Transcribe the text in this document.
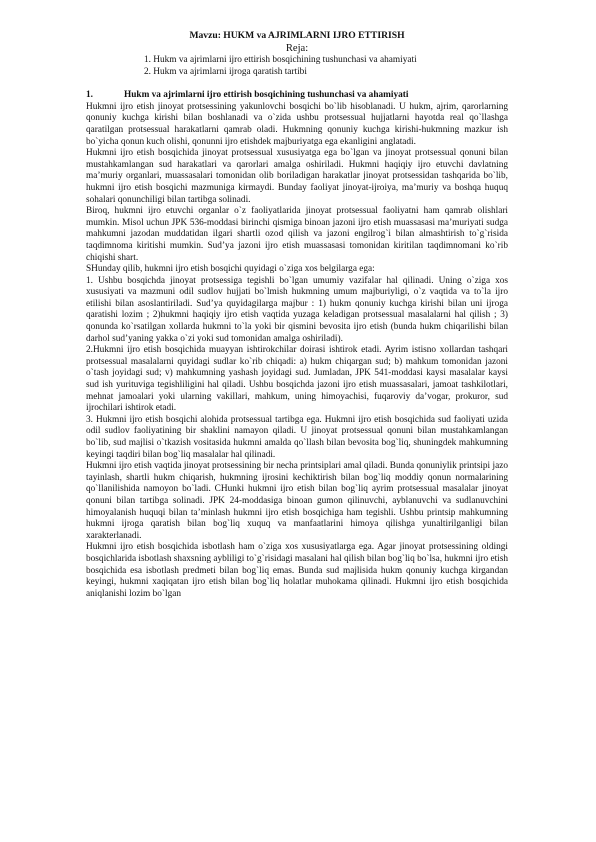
Mavzu: HUKM va AJRIMLARNI IJRO ETTIRISH
Reja:
1. Hukm va ajrimlarni ijro ettirish bosqichining tushunchasi va ahamiyati
2. Hukm va ajrimlarni ijroga qaratish tartibi
1.	Hukm va ajrimlarni ijro ettirish bosqichining tushunchasi va ahamiyati

Hukmni ijro etish jinoyat protsessining yakunlovchi bosqichi bo`lib hisoblanadi. U hukm, ajrim, qarorlarning qonuniy kuchga kirishi bilan boshlanadi va o`zida ushbu protsessual hujjatlarni hayotda real qo`llashga qaratilgan protsessual harakatlarni qamrab oladi. Hukmning qonuniy kuchga kirishi-hukmning mazkur ish bo`yicha qonun kuch olishi, qonunni ijro etishdek majburiyatga ega ekanligini anglatadi.

Hukmni ijro etish bosqichida jinoyat protsessual xususiyatga ega bo`lgan va jinoyat protsessual qonuni bilan mustahkamlangan sud harakatlari va qarorlari amalga oshiriladi. Hukmni haqiqiy ijro etuvchi davlatning ma’muriy organlari, muassasalari tomonidan olib boriladigan harakatlar jinoyat protsessidan tashqarida bo`lib, hukmni ijro etish bosqichi mazmuniga kirmaydi. Bunday faoliyat jinoyat-ijroiya, ma’muriy va boshqa huquq sohalari qonunchiligi bilan tartibga solinadi.

Biroq, hukmni ijro etuvchi organlar o`z faoliyatlarida jinoyat protsessual faoliyatni ham qamrab olishlari mumkin. Misol uchun JPK 536-moddasi birinchi qismiga binoan jazoni ijro etish muassasasi ma’muriyati sudga mahkumni jazodan muddatidan ilgari shartli ozod qilish va jazoni engilrog`i bilan almashtirish to`g`risida taqdimnoma kiritishi mumkin. Sud’ya jazoni ijro etish muassasasi tomonidan kiritilan taqdimnomani ko`rib chiqishi shart.

SHunday qilib, hukmni ijro etish bosqichi quyidagi o`ziga xos belgilarga ega:

1. Ushbu bosqichda jinoyat protsessiga tegishli bo`lgan umumiy vazifalar hal qilinadi. Uning o`ziga xos xususiyati va mazmuni odil sudlov hujjati bo`lmish hukmning umum majburiyligi, o`z vaqtida va to`la ijro etilishi bilan asoslantiriladi. Sud’ya quyidagilarga majbur : 1) hukm qonuniy kuchga kirishi bilan uni ijroga qaratishi lozim ; 2)hukmni haqiqiy ijro etish vaqtida yuzaga keladigan protsessual masalalarni hal qilish ; 3) qonunda ko`rsatilgan xollarda hukmni to`la yoki bir qismini bevosita ijro etish (bunda hukm chiqarilishi bilan darhol sud’yaning yakka o`zi yoki sud tomonidan amalga oshiriladi).

2.Hukmni ijro etish bosqichida muayyan ishtirokchilar doirasi ishtirok etadi. Ayrim istisno xollardan tashqari protsessual masalalarni quyidagi sudlar ko`rib chiqadi: a) hukm chiqargan sud; b) mahkum tomonidan jazoni o`tash joyidagi sud; v) mahkumning yashash joyidagi sud. Jumladan, JPK 541-moddasi kaysi masalalar kaysi sud ish yurituviga tegishliligini hal qiladi. Ushbu bosqichda jazoni ijro etish muassasalari, jamoat tashkilotlari, mehnat jamoalari yoki ularning vakillari, mahkum, uning himoyachisi, fuqaroviy da’vogar, prokuror, sud ijrochilari ishtirok etadi.

3. Hukmni ijro etish bosqichi alohida protsessual tartibga ega. Hukmni ijro etish bosqichida sud faoliyati uzida odil sudlov faoliyatining bir shaklini namayon qiladi. U jinoyat protsessual qonuni bilan mustahkamlangan bo`lib, sud majlisi o`tkazish vositasida hukmni amalda qo`llash bilan bevosita bog`liq, shuningdek mahkumning keyingi taqdiri bilan bog`liq masalalar hal qilinadi.

Hukmni ijro etish vaqtida jinoyat protsessining bir necha printsiplari amal qiladi. Bunda qonuniylik printsipi jazo tayinlash, shartli hukm chiqarish, hukmning ijrosini kechiktirish bilan bog`liq moddiy qonun normalarining qo`llanilishida namoyon bo`ladi. CHunki hukmni ijro etish bilan bog`liq ayrim protsessual masalalar jinoyat qonuni bilan tartibga solinadi. JPK 24-moddasiga binoan gumon qilinuvchi, ayblanuvchi va sudlanuvchini himoyalanish huquqi bilan ta’minlash hukmni ijro etish bosqichiga ham tegishli. Ushbu printsip mahkumning hukmni ijroga qaratish bilan bog`liq xuquq va manfaatlarini himoya qilishga yunaltirilganligi bilan xarakterlanadi.

Hukmni ijro etish bosqichida isbotlash ham o`ziga xos xususiyatlarga ega. Agar jinoyat protsessining oldingi bosqichlarida isbotlash shaxsning aybliligi to`g`risidagi masalani hal qilish bilan bog`liq bo`lsa, hukmni ijro etish bosqichida esa isbotlash predmeti bilan bog`liq emas. Bunda sud majlisida hukm qonuniy kuchga kirgandan keyingi, hukmni xaqiqatan ijro etish bilan bog`liq holatlar muhokama qilinadi. Hukmni ijro etish bosqichida aniqlanishi lozim bo`lgan
